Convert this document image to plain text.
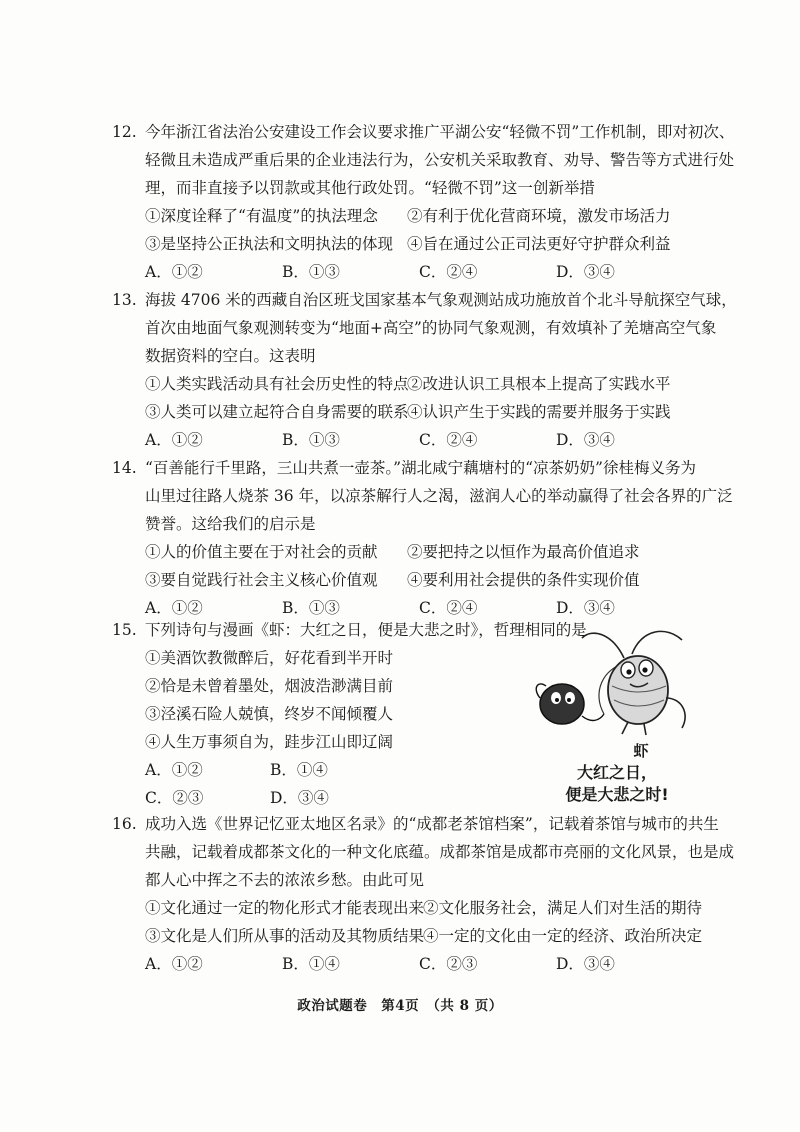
12. 今年浙江省法治公安建设工作会议要求推广平湖公安“轻微不罚”工作机制，即对初次、
轻微且未造成严重后果的企业违法行为，公安机关采取教育、劝导、警告等方式进行处
理，而非直接予以罚款或其他行政处罚。“轻微不罚”这一创新举措
①深度诠释了“有温度”的执法理念	②有利于优化营商环境，激发市场活力
③是坚持公正执法和文明执法的体现 ④旨在通过公正司法更好守护群众利益
A．①②	B．①③	C．②④	D．③④
13. 海拔 4706 米的西藏自治区班戈国家基本气象观测站成功施放首个北斗导航探空气球，
首次由地面气象观测转变为“地面+高空”的协同气象观测，有效填补了羌塘高空气象
数据资料的空白。这表明
①人类实践活动具有社会历史性的特点
②改进认识工具根本上提高了实践水平
③人类可以建立起符合自身需要的联系
④认识产生于实践的需要并服务于实践
A．①②	B．①③	C．②④	D．③④
14. “百善能行千里路，三山共煮一壶茶。”湖北咸宁藕塘村的“凉茶奶奶”徐桂梅义务为
山里过往路人烧茶 36 年，以凉茶解行人之渴，滋润人心的举动赢得了社会各界的广泛
赞誉。这给我们的启示是
①人的价值主要在于对社会的贡献	②要把持之以恒作为最高价值追求
③要自觉践行社会主义核心价值观	④要利用社会提供的条件实现价值
A．①②	B．①③	C．②④	D．③④
15. 下列诗句与漫画《虾：大红之日，便是大悲之时》，哲理相同的是
①美酒饮教微醉后，好花看到半开时
②恰是未曾着墨处，烟波浩渺满目前
③泾溪石险人兢慎，终岁不闻倾覆人
④人生万事须自为，跬步江山即辽阔
A．①②	B．①④
C．②③	D．③④
虾
大红之日，
便是大悲之时!
16. 成功入选《世界记忆亚太地区名录》的“成都老茶馆档案”，记载着茶馆与城市的共生
共融，记载着成都茶文化的一种文化底蕴。成都茶馆是成都市亮丽的文化风景，也是成
都人心中挥之不去的浓浓乡愁。由此可见
①文化通过一定的物化形式才能表现出来
②文化服务社会，满足人们对生活的期待
③文化是人们所从事的活动及其物质结果
④一定的文化由一定的经济、政治所决定
A．①②	B．①④	C．②③	D．③④
政治试题卷　第4页　（共 8 页）
